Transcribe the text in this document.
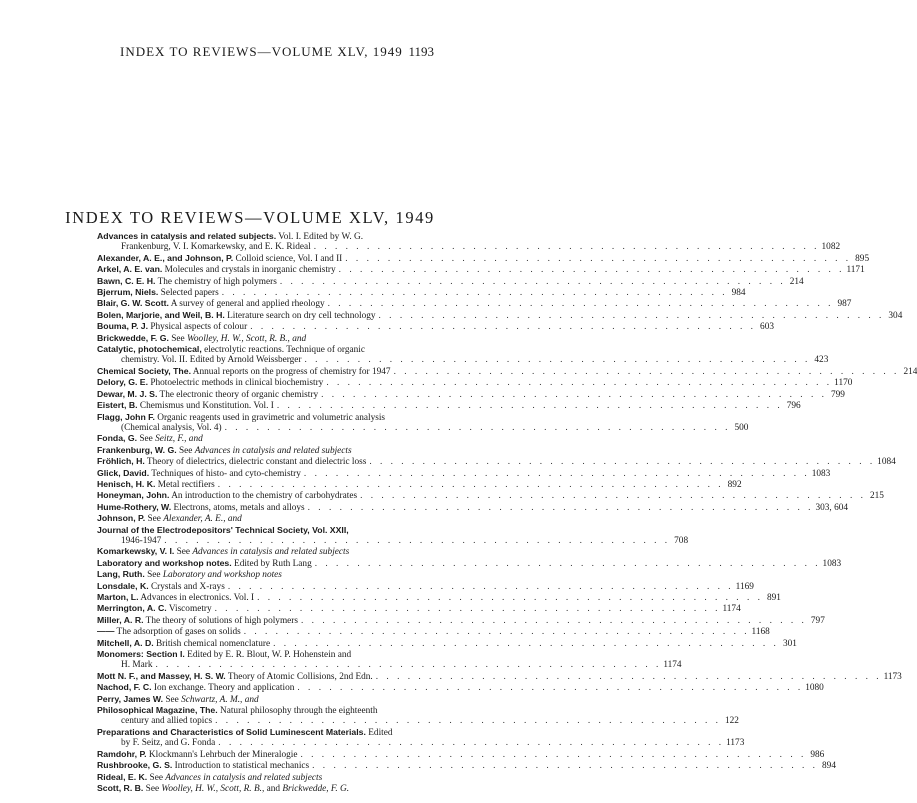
INDEX TO REVIEWS—VOLUME XLV, 1949 1193
INDEX TO REVIEWS—VOLUME XLV, 1949
Advances in catalysis and related subjects. Vol. I. Edited by W. G.
Frankenburg, V. I. Komarkewsky, and E. K. Rideal . . .	1082
Alexander, A. E., and Johnson, P. Colloid science, Vol. I and II . . .	895
Arkel, A. E. van. Molecules and crystals in inorganic chemistry . . .	1171
Bawn, C. E. H. The chemistry of high polymers . . .	214
Bjerrum, Niels. Selected papers . . .	984
Blair, G. W. Scott. A survey of general and applied rheology . . .	987
Bolen, Marjorie, and Weil, B. H. Literature search on dry cell technology . . .	304
Bouma, P. J. Physical aspects of colour . . .	603
Brickwedde, F. G. See Woolley, H. W., Scott, R. B., and
Catalytic, photochemical, electrolytic reactions. Technique of organic
chemistry. Vol. II. Edited by Arnold Weissberger . . .	423
Chemical Society, The. Annual reports on the progress of chemistry for 1947 . . .	214
Delory, G. E. Photoelectric methods in clinical biochemistry . . .	1170
Dewar, M. J. S. The electronic theory of organic chemistry . . .	799
Eistert, B. Chemismus und Konstitution. Vol. I . . .	796
Flagg, John F. Organic reagents used in gravimetric and volumetric analysis
(Chemical analysis, Vol. 4) . . .	500
Fonda, G. See Seitz, F., and
Frankenburg, W. G. See Advances in catalysis and related subjects
Fröhlich, H. Theory of dielectrics, dielectric constant and dielectric loss . . .	1084
Glick, David. Techniques of histo- and cyto-chemistry . . .	1083
Henisch, H. K. Metal rectifiers . . .	892
Honeyman, John. An introduction to the chemistry of carbohydrates . . .	215
Hume-Rothery, W. Electrons, atoms, metals and alloys . . .	303, 604
Johnson, P. See Alexander, A. E., and
Journal of the Electrodepositors' Technical Society, Vol. XXII,
1946-1947 . . .	708
Komarkewsky, V. I. See Advances in catalysis and related subjects
Laboratory and workshop notes. Edited by Ruth Lang . . .	1083
Lang, Ruth. See Laboratory and workshop notes
Lonsdale, K. Crystals and X-rays . . .	1169
Marton, L. Advances in electronics. Vol. I . . .	891
Merrington, A. C. Viscometry . . .	1174
Miller, A. R. The theory of solutions of high polymers . . .	797
—— The adsorption of gases on solids . . .	1168
Mitchell, A. D. British chemical nomenclature . . .	301
Monomers: Section I. Edited by E. R. Blout, W. P. Hohenstein and
H. Mark . . .	1174
Mott N. F., and Massey, H. S. W. Theory of Atomic Collisions, 2nd Edn. . . .	1173
Nachod, F. C. Ion exchange. Theory and application . . .	1080
Perry, James W. See Schwartz, A. M., and
Philosophical Magazine, The. Natural philosophy through the eighteenth
century and allied topics . . .	122
Preparations and Characteristics of Solid Luminescent Materials. Edited
by F. Seitz, and G. Fonda . . .	1173
Ramdohr, P. Klockmann's Lehrbuch der Mineralogie . . .	986
Rushbrooke, G. S. Introduction to statistical mechanics . . .	894
Rideal, E. K. See Advances in catalysis and related subjects
Scott, R. B. See Woolley, H. W., Scott, R. B., and Brickwedde, F. G.
